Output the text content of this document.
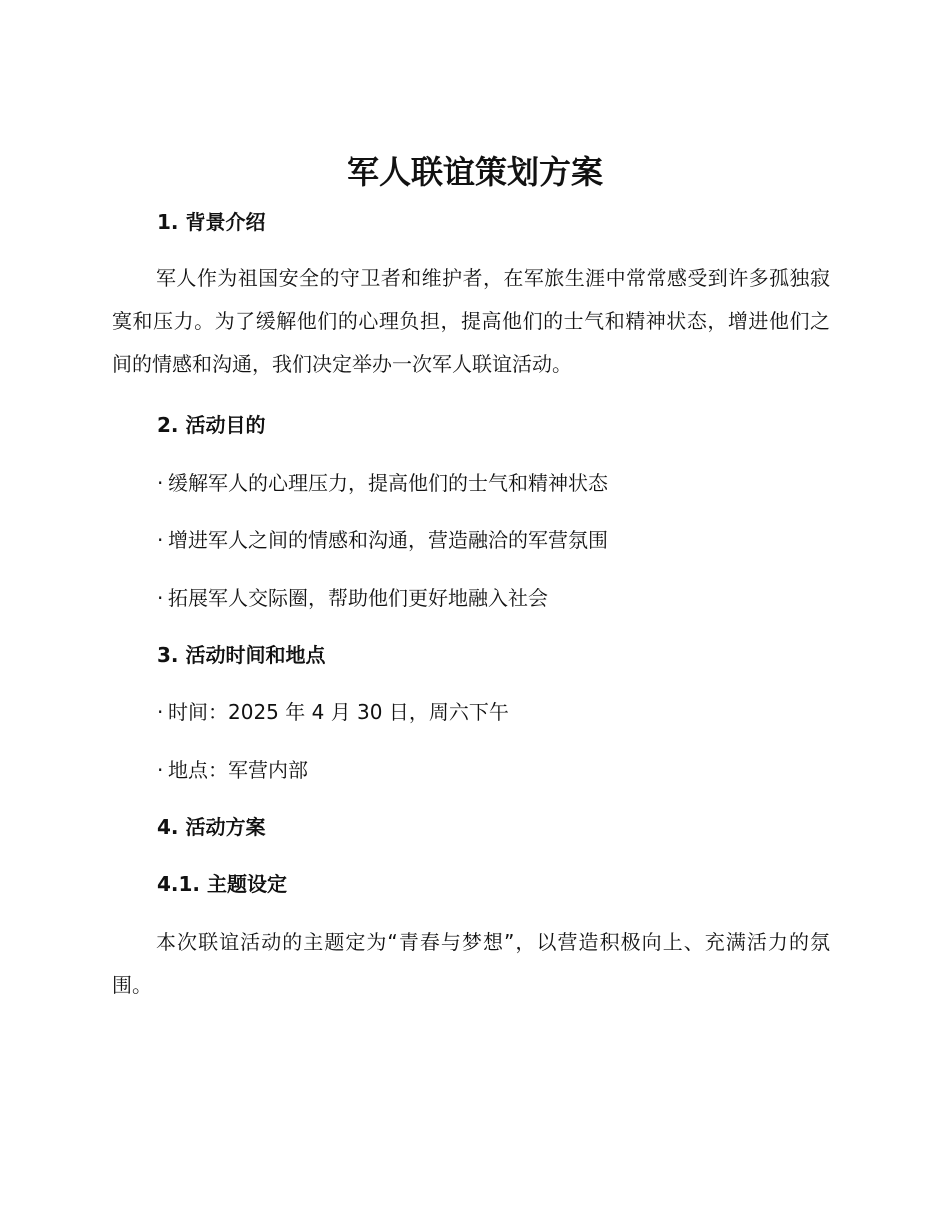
军人联谊策划方案
1. 背景介绍

军人作为祖国安全的守卫者和维护者，在军旅生涯中常常感受到许多孤独寂寞和压力。为了缓解他们的心理负担，提高他们的士气和精神状态，增进他们之间的情感和沟通，我们决定举办一次军人联谊活动。

2. 活动目的

· 缓解军人的心理压力，提高他们的士气和精神状态

· 增进军人之间的情感和沟通，营造融洽的军营氛围

· 拓展军人交际圈，帮助他们更好地融入社会

3. 活动时间和地点

· 时间：2025 年 4 月 30 日，周六下午

· 地点：军营内部

4. 活动方案
4.1. 主题设定

本次联谊活动的主题定为“青春与梦想”，以营造积极向上、充满活力的氛围。
